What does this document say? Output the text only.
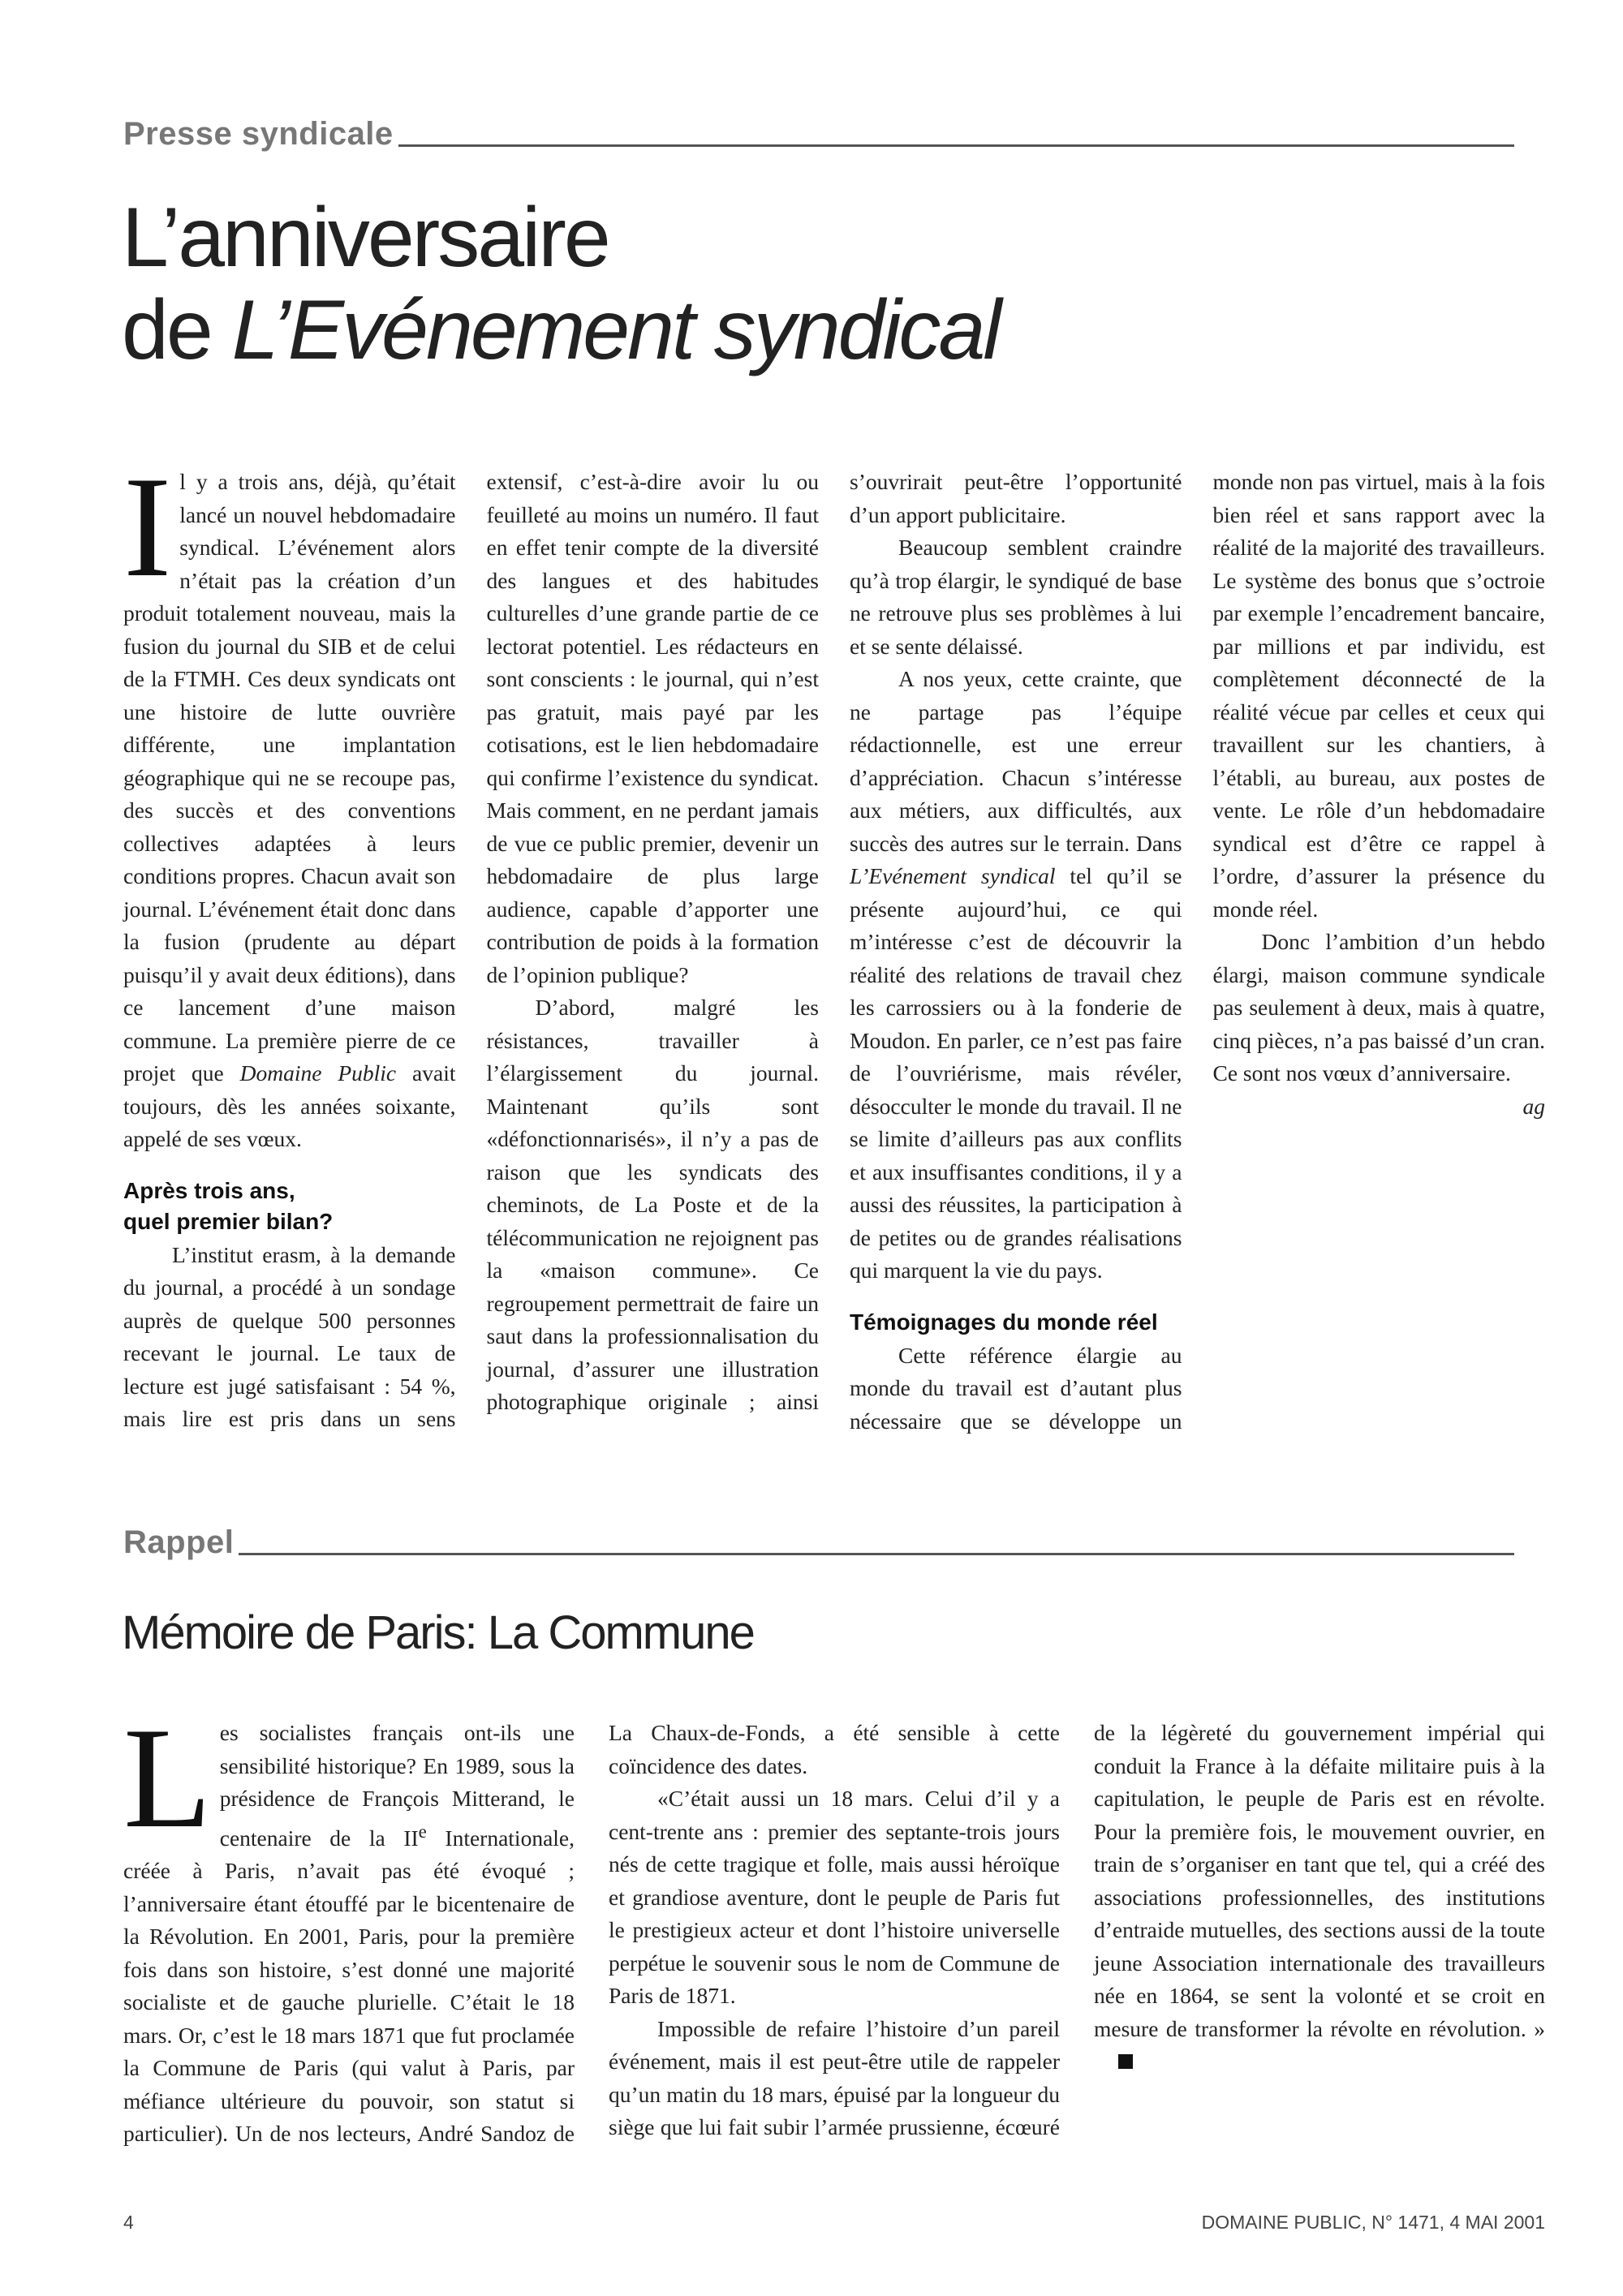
Presse syndicale
L’anniversaire
de L’Evénement syndical

Il y a trois ans, déjà, qu’était lancé un nouvel hebdomadaire syndical. L’événement alors n’était pas la création d’un produit totalement nouveau, mais la fusion du journal du SIB et de celui de la FTMH. Ces deux syndicats ont une histoire de lutte ouvrière différente, une implantation géographique qui ne se recoupe pas, des succès et des conventions collectives adaptées à leurs conditions propres. Chacun avait son journal. L’événement était donc dans la fusion (prudente au départ puisqu’il y avait deux éditions), dans ce lancement d’une maison commune. La première pierre de ce projet que Domaine Public avait toujours, dès les années soixante, appelé de ses vœux.

Après trois ans,
quel premier bilan?

L’institut erasm, à la demande du journal, a procédé à un sondage auprès de quelque 500 personnes recevant le journal. Le taux de lecture est jugé satisfaisant : 54 %, mais lire est pris dans un sens extensif, c’est-à-dire avoir lu ou feuilleté au moins un numéro. Il faut en effet tenir compte de la diversité des langues et des habitudes culturelles d’une grande partie de ce lectorat potentiel. Les rédacteurs en sont conscients : le journal, qui n’est pas gratuit, mais payé par les cotisations, est le lien hebdomadaire qui confirme l’existence du syndicat. Mais comment, en ne perdant jamais de vue ce public premier, devenir un hebdomadaire de plus large audience, capable d’apporter une contribution de poids à la formation de l’opinion publique?

D’abord, malgré les résistances, travailler à l’élargissement du journal. Maintenant qu’ils sont «défonctionnarisés», il n’y a pas de raison que les syndicats des cheminots, de La Poste et de la télécommunication ne rejoignent pas la «maison commune». Ce regroupement permettrait de faire un saut dans la professionnalisation du journal, d’assurer une illustration photographique originale ; ainsi s’ouvrirait peut-être l’opportunité d’un apport publicitaire.

Beaucoup semblent craindre qu’à trop élargir, le syndiqué de base ne retrouve plus ses problèmes à lui et se sente délaissé.

A nos yeux, cette crainte, que ne partage pas l’équipe rédactionnelle, est une erreur d’appréciation. Chacun s’intéresse aux métiers, aux difficultés, aux succès des autres sur le terrain. Dans L’Evénement syndical tel qu’il se présente aujourd’hui, ce qui m’intéresse c’est de découvrir la réalité des relations de travail chez les carrossiers ou à la fonderie de Moudon. En parler, ce n’est pas faire de l’ouvriérisme, mais révéler, désocculter le monde du travail. Il ne se limite d’ailleurs pas aux conflits et aux insuffisantes conditions, il y a aussi des réussites, la participation à de petites ou de grandes réalisations qui marquent la vie du pays.

Témoignages du monde réel

Cette référence élargie au monde du travail est d’autant plus nécessaire que se développe un monde non pas virtuel, mais à la fois bien réel et sans rapport avec la réalité de la majorité des travailleurs. Le système des bonus que s’octroie par exemple l’encadrement bancaire, par millions et par individu, est complètement déconnecté de la réalité vécue par celles et ceux qui travaillent sur les chantiers, à l’établi, au bureau, aux postes de vente. Le rôle d’un hebdomadaire syndical est d’être ce rappel à l’ordre, d’assurer la présence du monde réel.

Donc l’ambition d’un hebdo élargi, maison commune syndicale pas seulement à deux, mais à quatre, cinq pièces, n’a pas baissé d’un cran. Ce sont nos vœux d’anniversaire.
ag

Rappel
Mémoire de Paris: La Commune

Les socialistes français ont-ils une sensibilité historique? En 1989, sous la présidence de François Mitterand, le centenaire de la IIe Internationale, créée à Paris, n’avait pas été évoqué ; l’anniversaire étant étouffé par le bicentenaire de la Révolution. En 2001, Paris, pour la première fois dans son histoire, s’est donné une majorité socialiste et de gauche plurielle. C’était le 18 mars. Or, c’est le 18 mars 1871 que fut proclamée la Commune de Paris (qui valut à Paris, par méfiance ultérieure du pouvoir, son statut si particulier). Un de nos lecteurs, André Sandoz de La Chaux-de-Fonds, a été sensible à cette coïncidence des dates.

«C’était aussi un 18 mars. Celui d’il y a cent-trente ans : premier des septante-trois jours nés de cette tragique et folle, mais aussi héroïque et grandiose aventure, dont le peuple de Paris fut le prestigieux acteur et dont l’histoire universelle perpétue le souvenir sous le nom de Commune de Paris de 1871.

Impossible de refaire l’histoire d’un pareil événement, mais il est peut-être utile de rappeler qu’un matin du 18 mars, épuisé par la longueur du siège que lui fait subir l’armée prussienne, écœuré de la légèreté du gouvernement impérial qui conduit la France à la défaite militaire puis à la capitulation, le peuple de Paris est en révolte. Pour la première fois, le mouvement ouvrier, en train de s’organiser en tant que tel, qui a créé des associations professionnelles, des institutions d’entraide mutuelles, des sections aussi de la toute jeune Association internationale des travailleurs née en 1864, se sent la volonté et se croit en mesure de transformer la révolte en révolution. »

4	DOMAINE PUBLIC, N° 1471, 4 MAI 2001
